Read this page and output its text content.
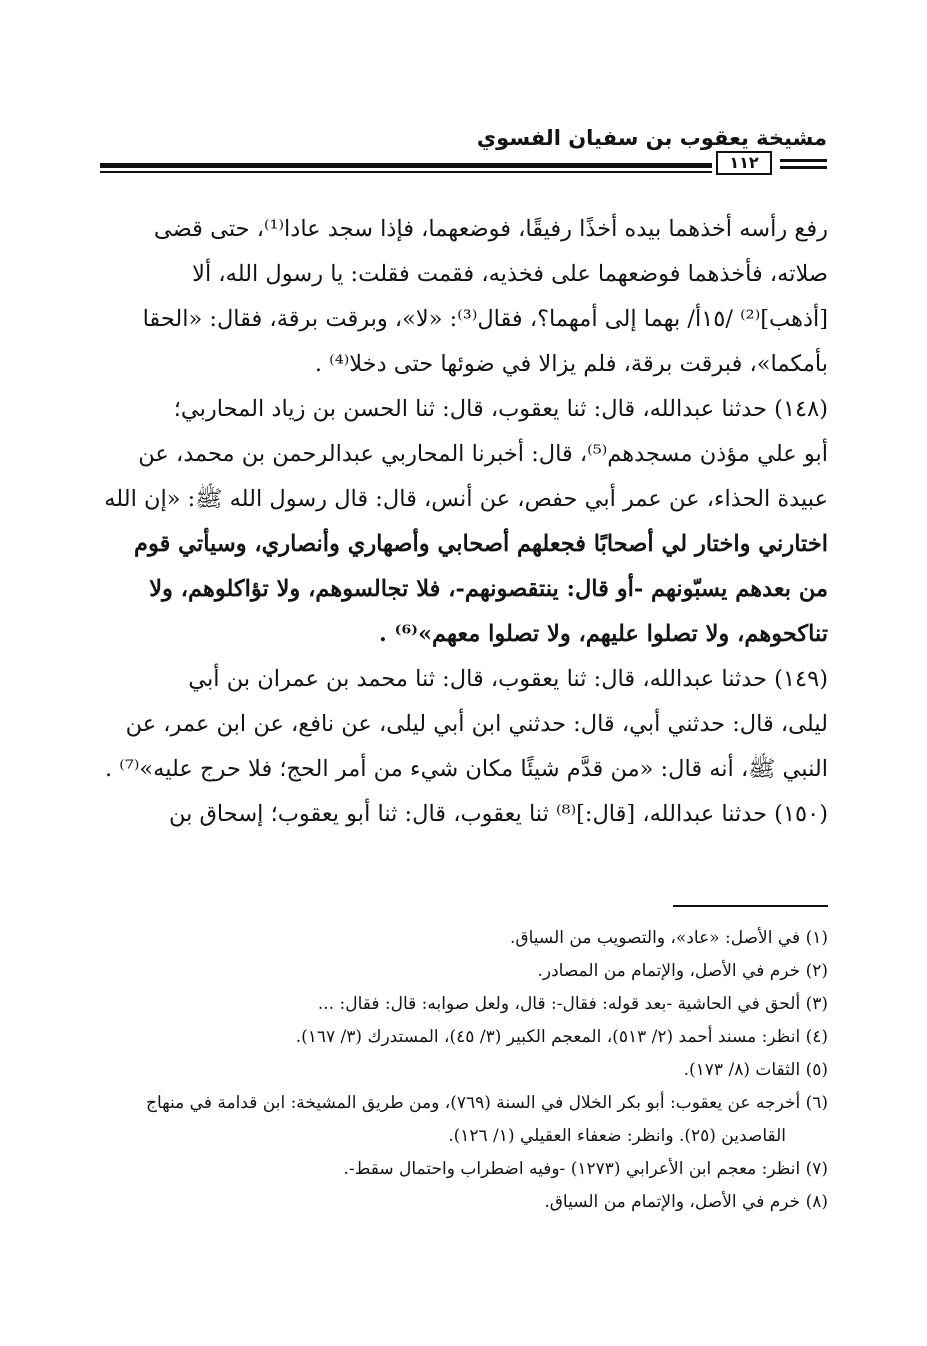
مشيخة يعقوب بن سفيان الفسوي
١١٢
رفع رأسه أخذهما بيده أخذًا رفيقًا، فوضعهما، فإذا سجد عادا⁽¹⁾، حتى قضى
صلاته، فأخذهما فوضعهما على فخذيه، فقمت فقلت: يا رسول الله، ألا
[أذهب]⁽²⁾ /١٥أ/ بهما إلى أمهما؟، فقال⁽³⁾: «لا»، وبرقت برقة، فقال: «الحقا
بأمكما»، فبرقت برقة، فلم يزالا في ضوئها حتى دخلا⁽⁴⁾ .
(١٤٨) حدثنا عبدالله، قال: ثنا يعقوب، قال: ثنا الحسن بن زياد المحاربي؛
أبو علي مؤذن مسجدهم⁽⁵⁾، قال: أخبرنا المحاربي عبدالرحمن بن محمد، عن
عبيدة الحذاء، عن عمر أبي حفص، عن أنس، قال: قال رسول الله ﷺ: «إن الله
اختارني واختار لي أصحابًا فجعلهم أصحابي وأصهاري وأنصاري، وسيأتي قوم
من بعدهم يسبّونهم -أو قال: ينتقصونهم-، فلا تجالسوهم، ولا تؤاكلوهم، ولا
تناكحوهم، ولا تصلوا عليهم، ولا تصلوا معهم»⁽⁶⁾ .
(١٤٩) حدثنا عبدالله، قال: ثنا يعقوب، قال: ثنا محمد بن عمران بن أبي
ليلى، قال: حدثني أبي، قال: حدثني ابن أبي ليلى، عن نافع، عن ابن عمر، عن
النبي ﷺ، أنه قال: «من قدَّم شيئًا مكان شيء من أمر الحج؛ فلا حرج عليه»⁽⁷⁾ .
(١٥٠) حدثنا عبدالله، [قال:]⁽⁸⁾ ثنا يعقوب، قال: ثنا أبو يعقوب؛ إسحاق بن
(١) في الأصل: «عاد»، والتصويب من السياق.
(٢) خرم في الأصل، والإتمام من المصادر.
(٣) ألحق في الحاشية -بعد قوله: فقال-: قال، ولعل صوابه: قال: فقال: ...
(٤) انظر: مسند أحمد (٢/ ٥١٣)، المعجم الكبير (٣/ ٤٥)، المستدرك (٣/ ١٦٧).
(٥) الثقات (٨/ ١٧٣).
(٦) أخرجه عن يعقوب: أبو بكر الخلال في السنة (٧٦٩)، ومن طريق المشيخة: ابن قدامة في منهاج
القاصدين (٢٥). وانظر: ضعفاء العقيلي (١/ ١٢٦).
(٧) انظر: معجم ابن الأعرابي (١٢٧٣) -وفيه اضطراب واحتمال سقط-.
(٨) خرم في الأصل، والإتمام من السياق.
